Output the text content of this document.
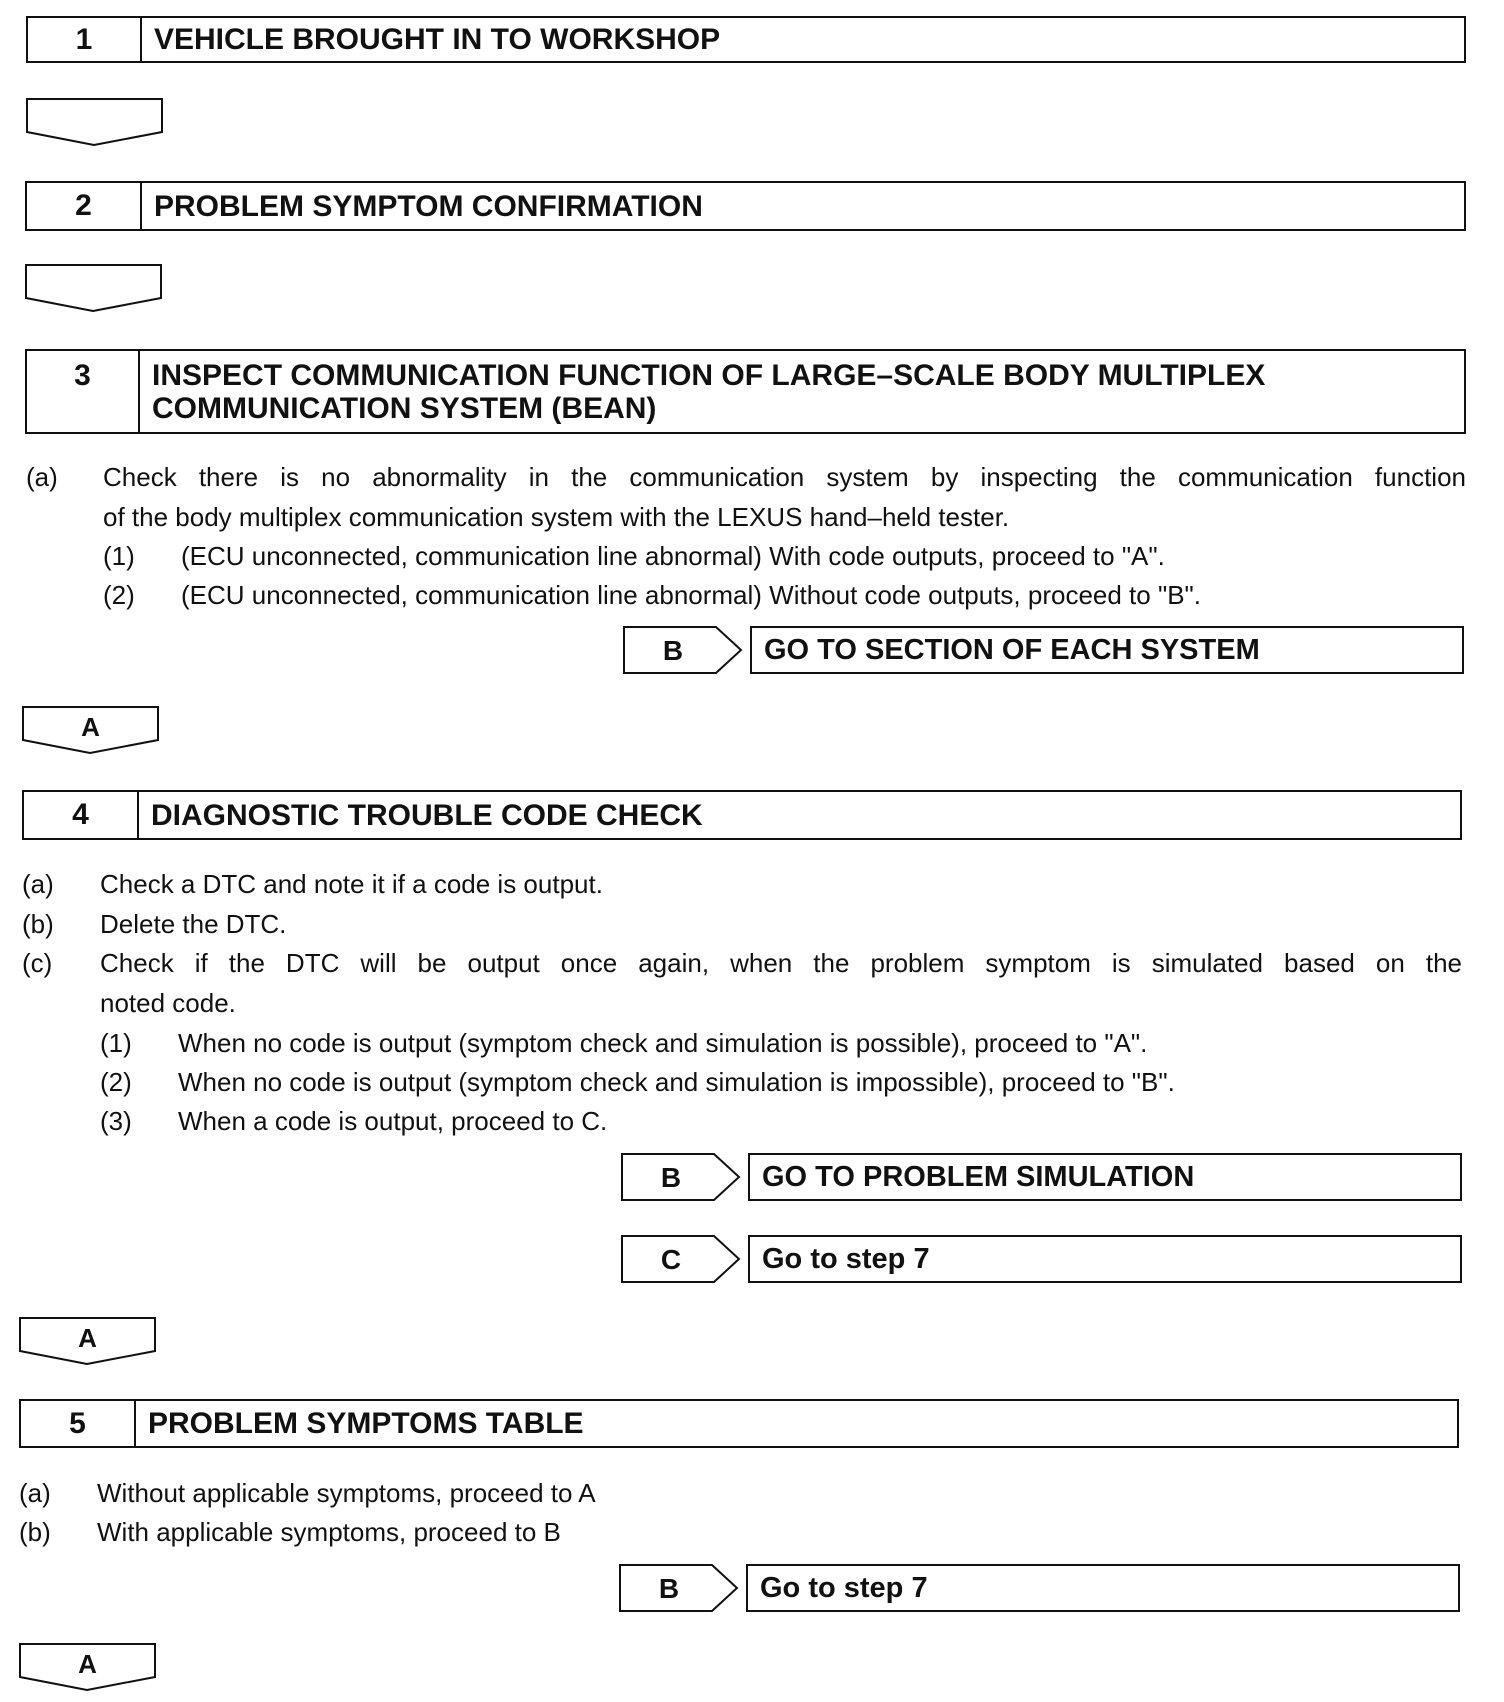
1	VEHICLE BROUGHT IN TO WORKSHOP
2	PROBLEM SYMPTOM CONFIRMATION
3	INSPECT COMMUNICATION FUNCTION OF LARGE–SCALE BODY MULTIPLEX
COMMUNICATION SYSTEM (BEAN)
(a) Check there is no abnormality in the communication system by inspecting the communication function
of the body multiplex communication system with the LEXUS hand–held tester.
(1) (ECU unconnected, communication line abnormal) With code outputs, proceed to "A".
(2) (ECU unconnected, communication line abnormal) Without code outputs, proceed to "B".
B	GO TO SECTION OF EACH SYSTEM
A
4	DIAGNOSTIC TROUBLE CODE CHECK
(a) Check a DTC and note it if a code is output.
(b) Delete the DTC.
(c) Check if the DTC will be output once again, when the problem symptom is simulated based on the
noted code.
(1) When no code is output (symptom check and simulation is possible), proceed to "A".
(2) When no code is output (symptom check and simulation is impossible), proceed to "B".
(3) When a code is output, proceed to C.
B	GO TO PROBLEM SIMULATION
C	Go to step 7
A
5	PROBLEM SYMPTOMS TABLE
(a) Without applicable symptoms, proceed to A
(b) With applicable symptoms, proceed to B
B	Go to step 7
A
